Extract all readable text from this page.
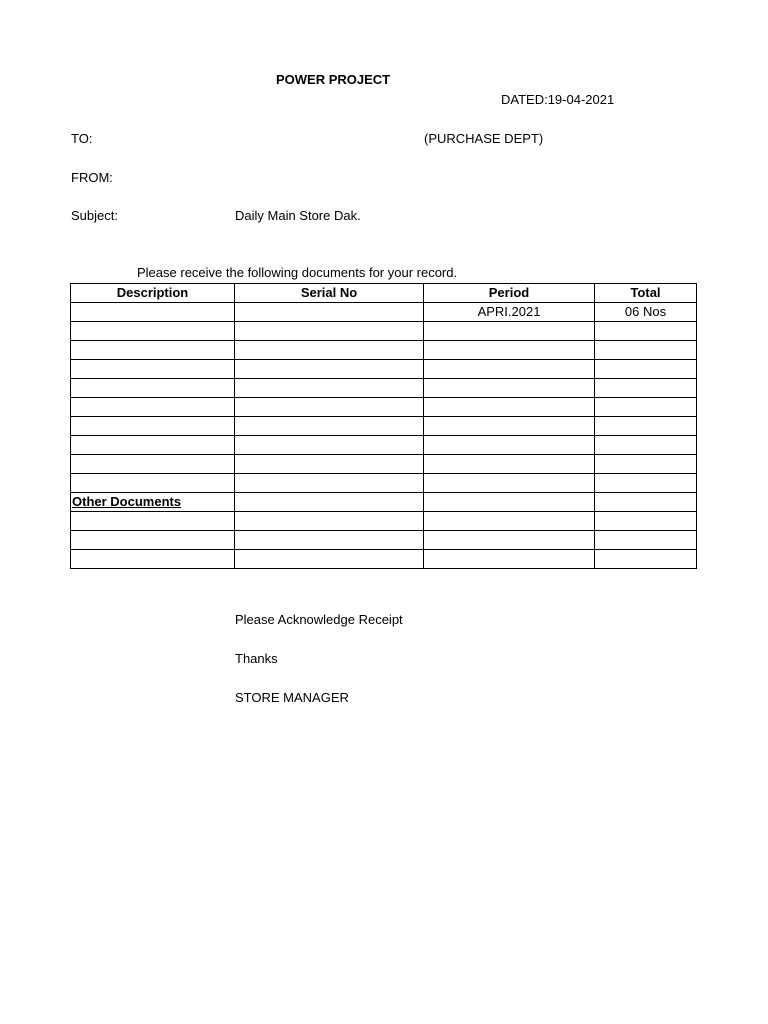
POWER PROJECT
DATED:19-04-2021
TO:	(PURCHASE DEPT)
FROM:
Subject:	Daily Main Store Dak.
Please receive the following documents for your record.
Description	Serial No	Period	Total
		APRI.2021	06 Nos

Other Documents			

Please Acknowledge Receipt
Thanks
STORE MANAGER
